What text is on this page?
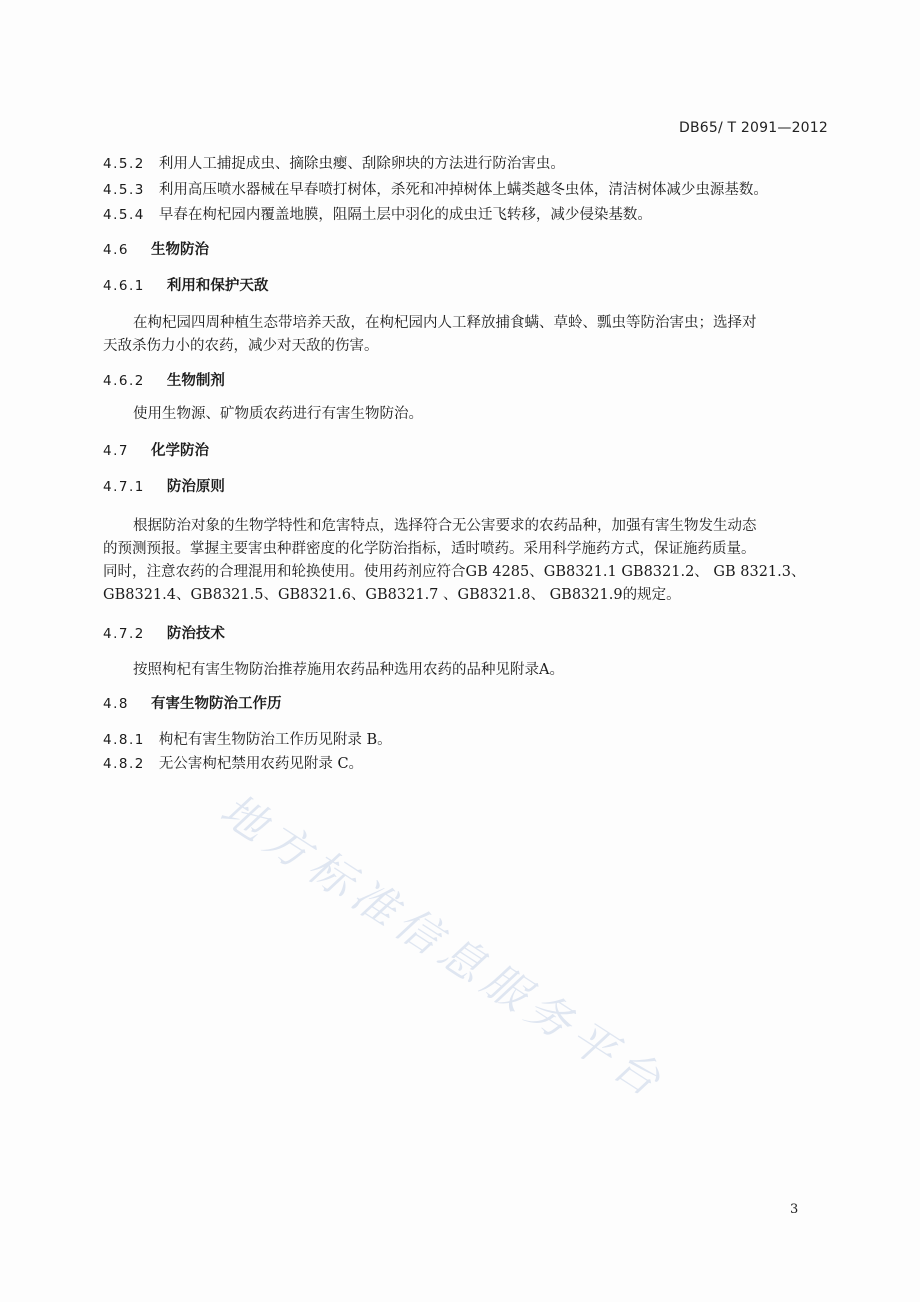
DB65/ T 2091—2012
4.5.2 利用人工捕捉成虫、摘除虫瘿、刮除卵块的方法进行防治害虫。
4.5.3 利用高压喷水器械在早春喷打树体，杀死和冲掉树体上螨类越冬虫体，清洁树体减少虫源基数。
4.5.4 早春在枸杞园内覆盖地膜，阻隔土层中羽化的成虫迁飞转移，减少侵染基数。
4.6 生物防治
4.6.1 利用和保护天敌
在枸杞园四周种植生态带培养天敌，在枸杞园内人工释放捕食螨、草蛉、瓢虫等防治害虫；选择对
天敌杀伤力小的农药，减少对天敌的伤害。
4.6.2 生物制剂
使用生物源、矿物质农药进行有害生物防治。
4.7 化学防治
4.7.1 防治原则
根据防治对象的生物学特性和危害特点，选择符合无公害要求的农药品种，加强有害生物发生动态
的预测预报。掌握主要害虫种群密度的化学防治指标，适时喷药。采用科学施药方式，保证施药质量。
同时，注意农药的合理混用和轮换使用。使用药剂应符合GB 4285、GB8321.1 GB8321.2、 GB 8321.3、
GB8321.4、GB8321.5、GB8321.6、GB8321.7 、GB8321.8、 GB8321.9的规定。
4.7.2 防治技术
按照枸杞有害生物防治推荐施用农药品种选用农药的品种见附录A。
4.8 有害生物防治工作历
4.8.1 枸杞有害生物防治工作历见附录 B。
4.8.2 无公害枸杞禁用农药见附录 C。
地方标准信息服务平台
3
